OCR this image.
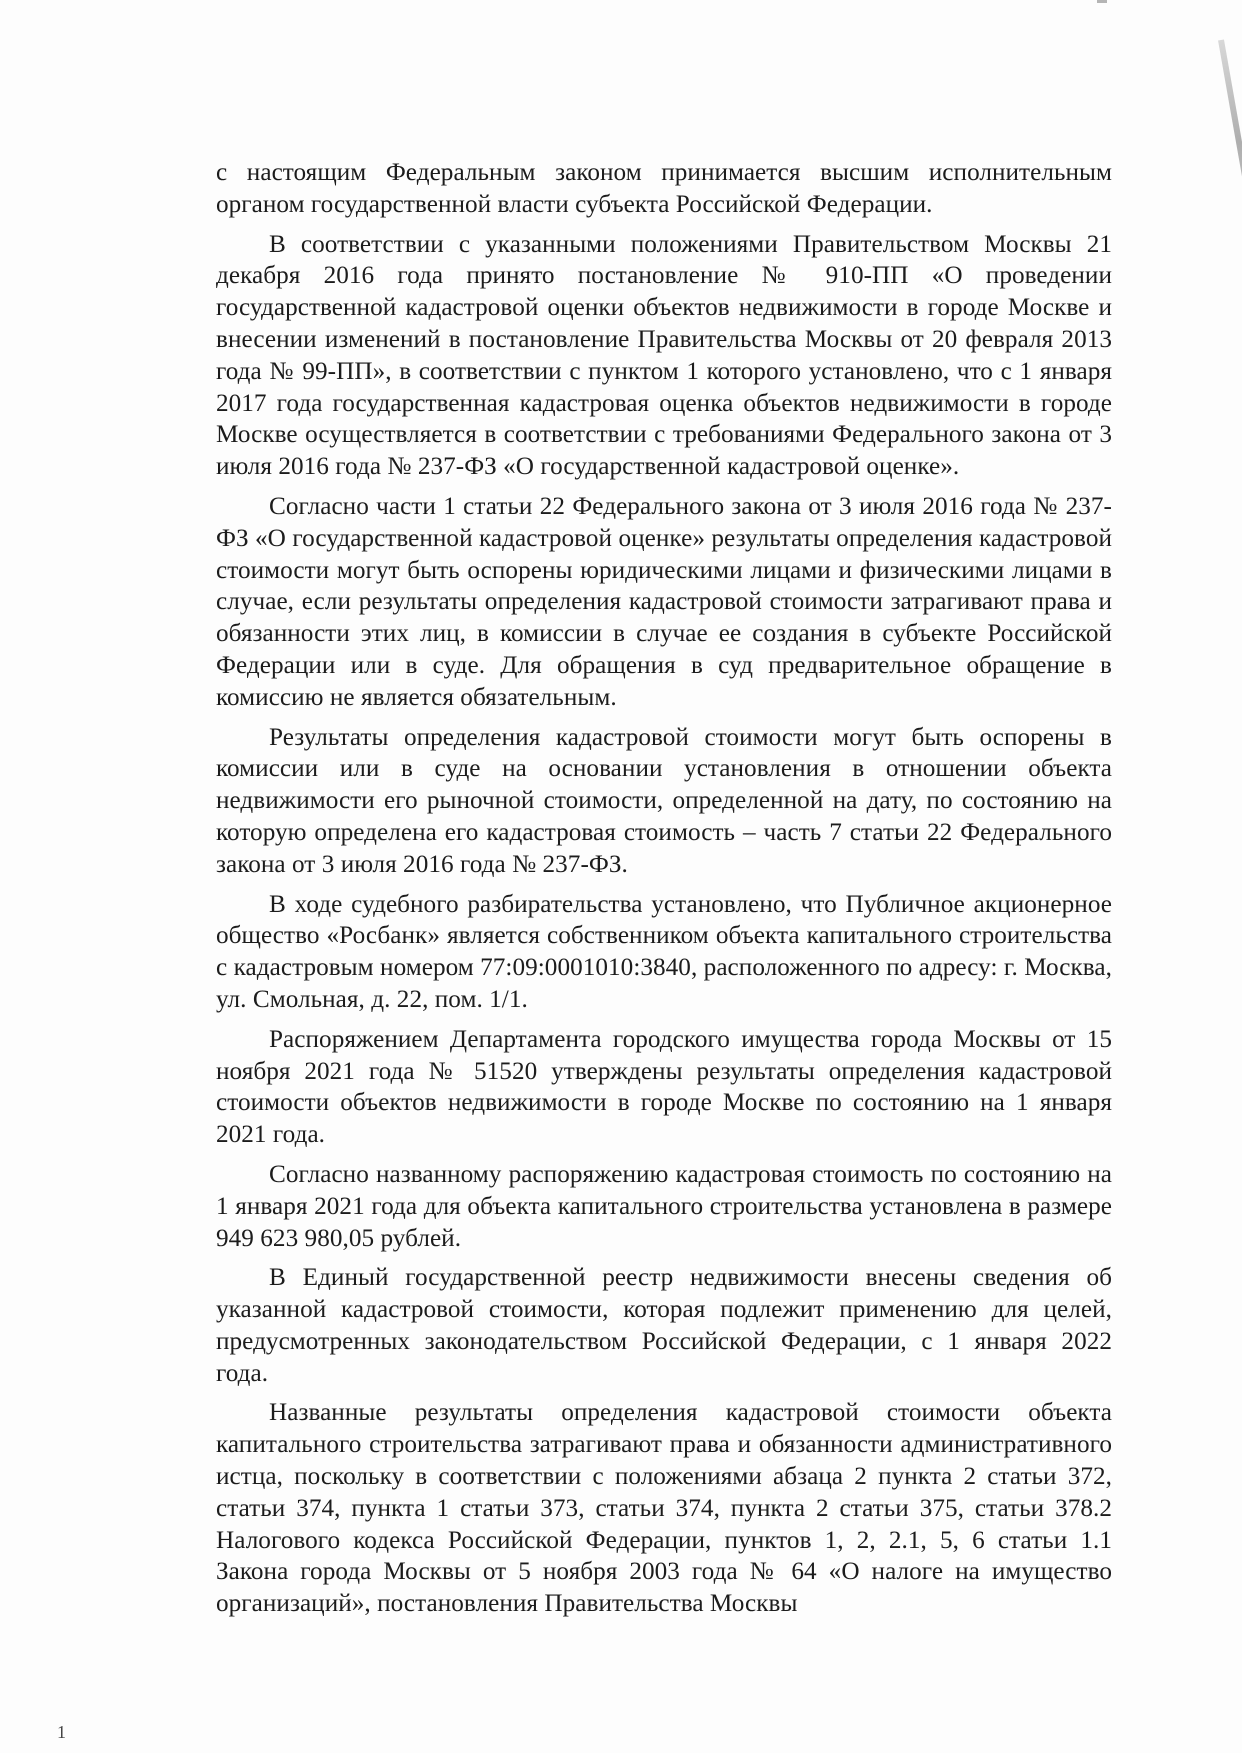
с настоящим Федеральным законом принимается высшим исполнительным органом государственной власти субъекта Российской Федерации.

В соответствии с указанными положениями Правительством Москвы 21 декабря 2016 года принято постановление № 910-ПП «О проведении государственной кадастровой оценки объектов недвижимости в городе Москве и внесении изменений в постановление Правительства Москвы от 20 февраля 2013 года № 99-ПП», в соответствии с пунктом 1 которого установлено, что с 1 января 2017 года государственная кадастровая оценка объектов недвижимости в городе Москве осуществляется в соответствии с требованиями Федерального закона от 3 июля 2016 года № 237-ФЗ «О государственной кадастровой оценке».

Согласно части 1 статьи 22 Федерального закона от 3 июля 2016 года № 237-ФЗ «О государственной кадастровой оценке» результаты определения кадастровой стоимости могут быть оспорены юридическими лицами и физическими лицами в случае, если результаты определения кадастровой стоимости затрагивают права и обязанности этих лиц, в комиссии в случае ее создания в субъекте Российской Федерации или в суде. Для обращения в суд предварительное обращение в комиссию не является обязательным.

Результаты определения кадастровой стоимости могут быть оспорены в комиссии или в суде на основании установления в отношении объекта недвижимости его рыночной стоимости, определенной на дату, по состоянию на которую определена его кадастровая стоимость – часть 7 статьи 22 Федерального закона от 3 июля 2016 года № 237-ФЗ.

В ходе судебного разбирательства установлено, что Публичное акционерное общество «Росбанк» является собственником объекта капитального строительства с кадастровым номером 77:09:0001010:3840, расположенного по адресу: г. Москва, ул. Смольная, д. 22, пом. 1/1.

Распоряжением Департамента городского имущества города Москвы от 15 ноября 2021 года № 51520 утверждены результаты определения кадастровой стоимости объектов недвижимости в городе Москве по состоянию на 1 января 2021 года.

Согласно названному распоряжению кадастровая стоимость по состоянию на 1 января 2021 года для объекта капитального строительства установлена в размере 949 623 980,05 рублей.

В Единый государственной реестр недвижимости внесены сведения об указанной кадастровой стоимости, которая подлежит применению для целей, предусмотренных законодательством Российской Федерации, с 1 января 2022 года.

Названные результаты определения кадастровой стоимости объекта капитального строительства затрагивают права и обязанности административного истца, поскольку в соответствии с положениями абзаца 2 пункта 2 статьи 372, статьи 374, пункта 1 статьи 373, статьи 374, пункта 2 статьи 375, статьи 378.2 Налогового кодекса Российской Федерации, пунктов 1, 2, 2.1, 5, 6 статьи 1.1 Закона города Москвы от 5 ноября 2003 года № 64 «О налоге на имущество организаций», постановления Правительства Москвы

1
